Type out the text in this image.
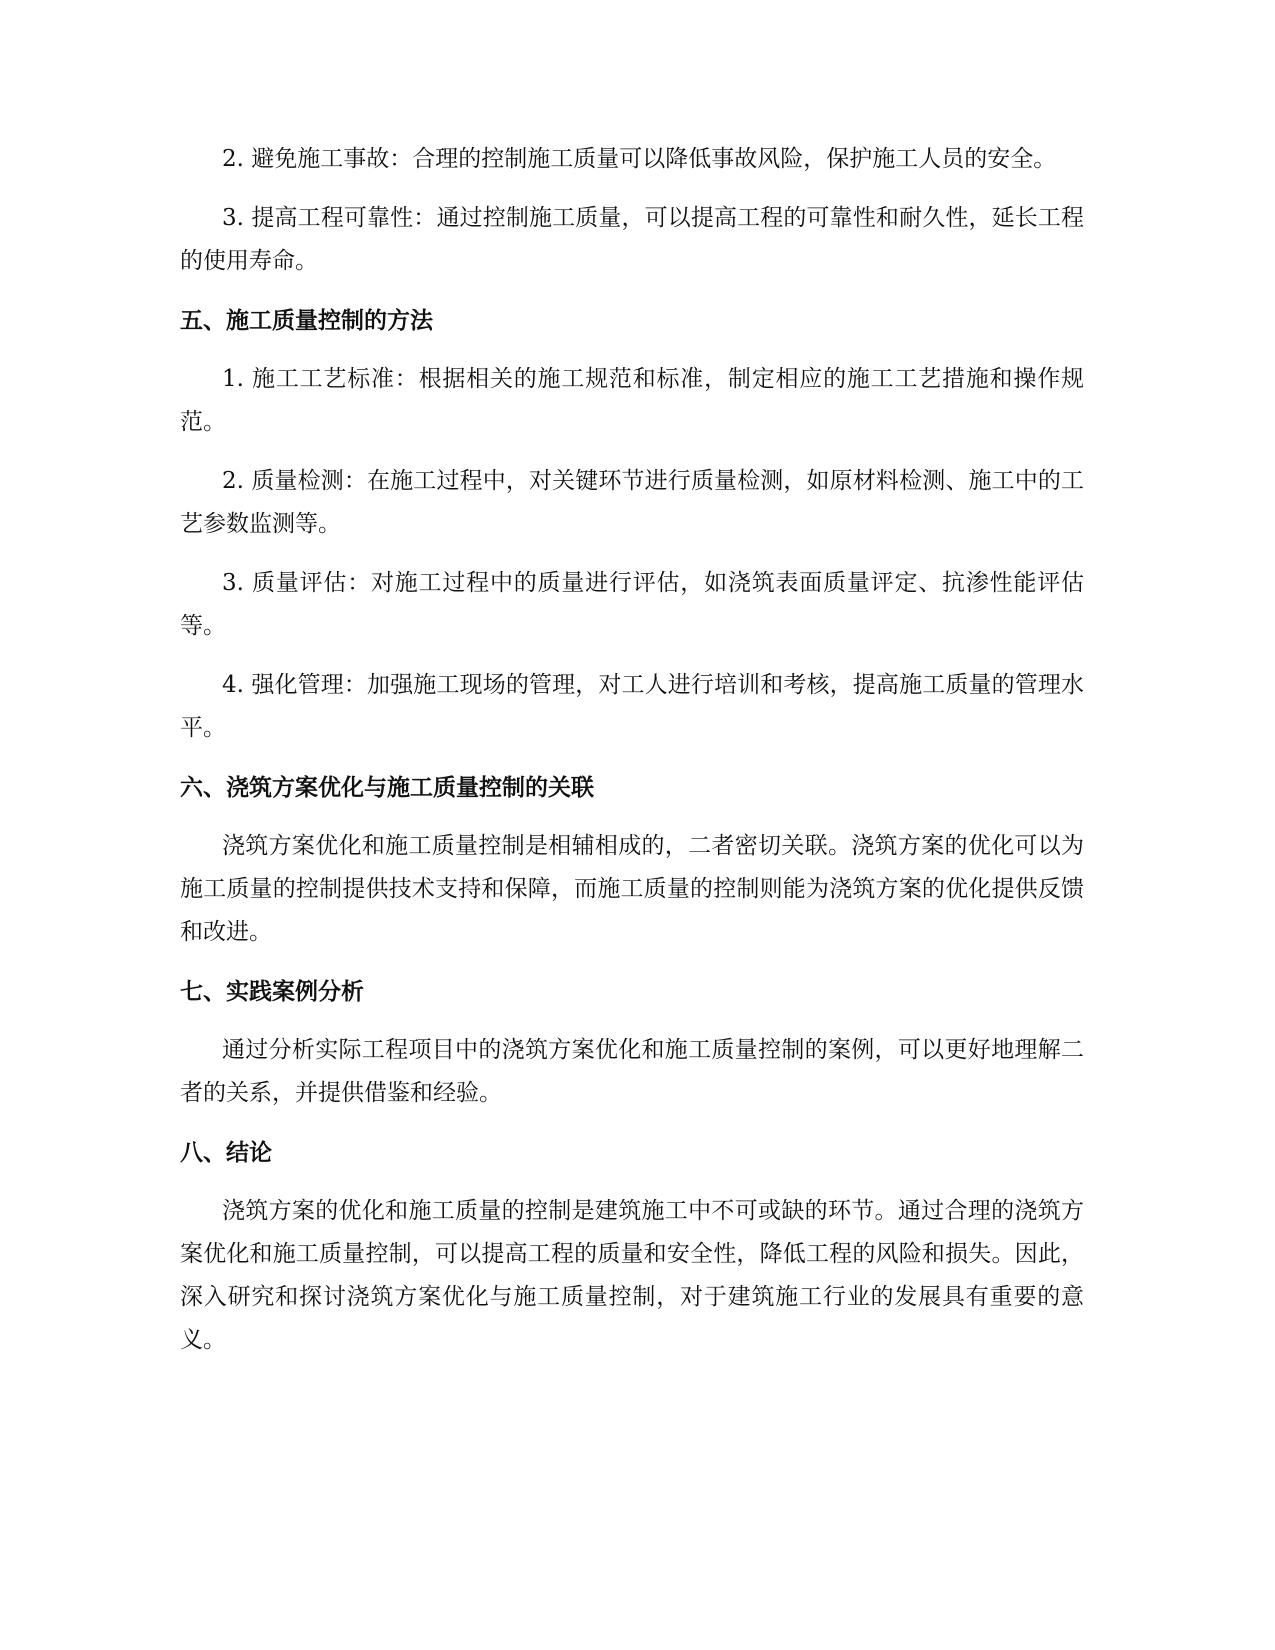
2. 避免施工事故：合理的控制施工质量可以降低事故风险，保护施工人员的安全。

3. 提高工程可靠性：通过控制施工质量，可以提高工程的可靠性和耐久性，延长工程的使用寿命。

五、施工质量控制的方法

1. 施工工艺标准：根据相关的施工规范和标准，制定相应的施工工艺措施和操作规范。

2. 质量检测：在施工过程中，对关键环节进行质量检测，如原材料检测、施工中的工艺参数监测等。

3. 质量评估：对施工过程中的质量进行评估，如浇筑表面质量评定、抗渗性能评估等。

4. 强化管理：加强施工现场的管理，对工人进行培训和考核，提高施工质量的管理水平。

六、浇筑方案优化与施工质量控制的关联

浇筑方案优化和施工质量控制是相辅相成的，二者密切关联。浇筑方案的优化可以为施工质量的控制提供技术支持和保障，而施工质量的控制则能为浇筑方案的优化提供反馈和改进。

七、实践案例分析

通过分析实际工程项目中的浇筑方案优化和施工质量控制的案例，可以更好地理解二者的关系，并提供借鉴和经验。

八、结论

浇筑方案的优化和施工质量的控制是建筑施工中不可或缺的环节。通过合理的浇筑方案优化和施工质量控制，可以提高工程的质量和安全性，降低工程的风险和损失。因此，深入研究和探讨浇筑方案优化与施工质量控制，对于建筑施工行业的发展具有重要的意义。
